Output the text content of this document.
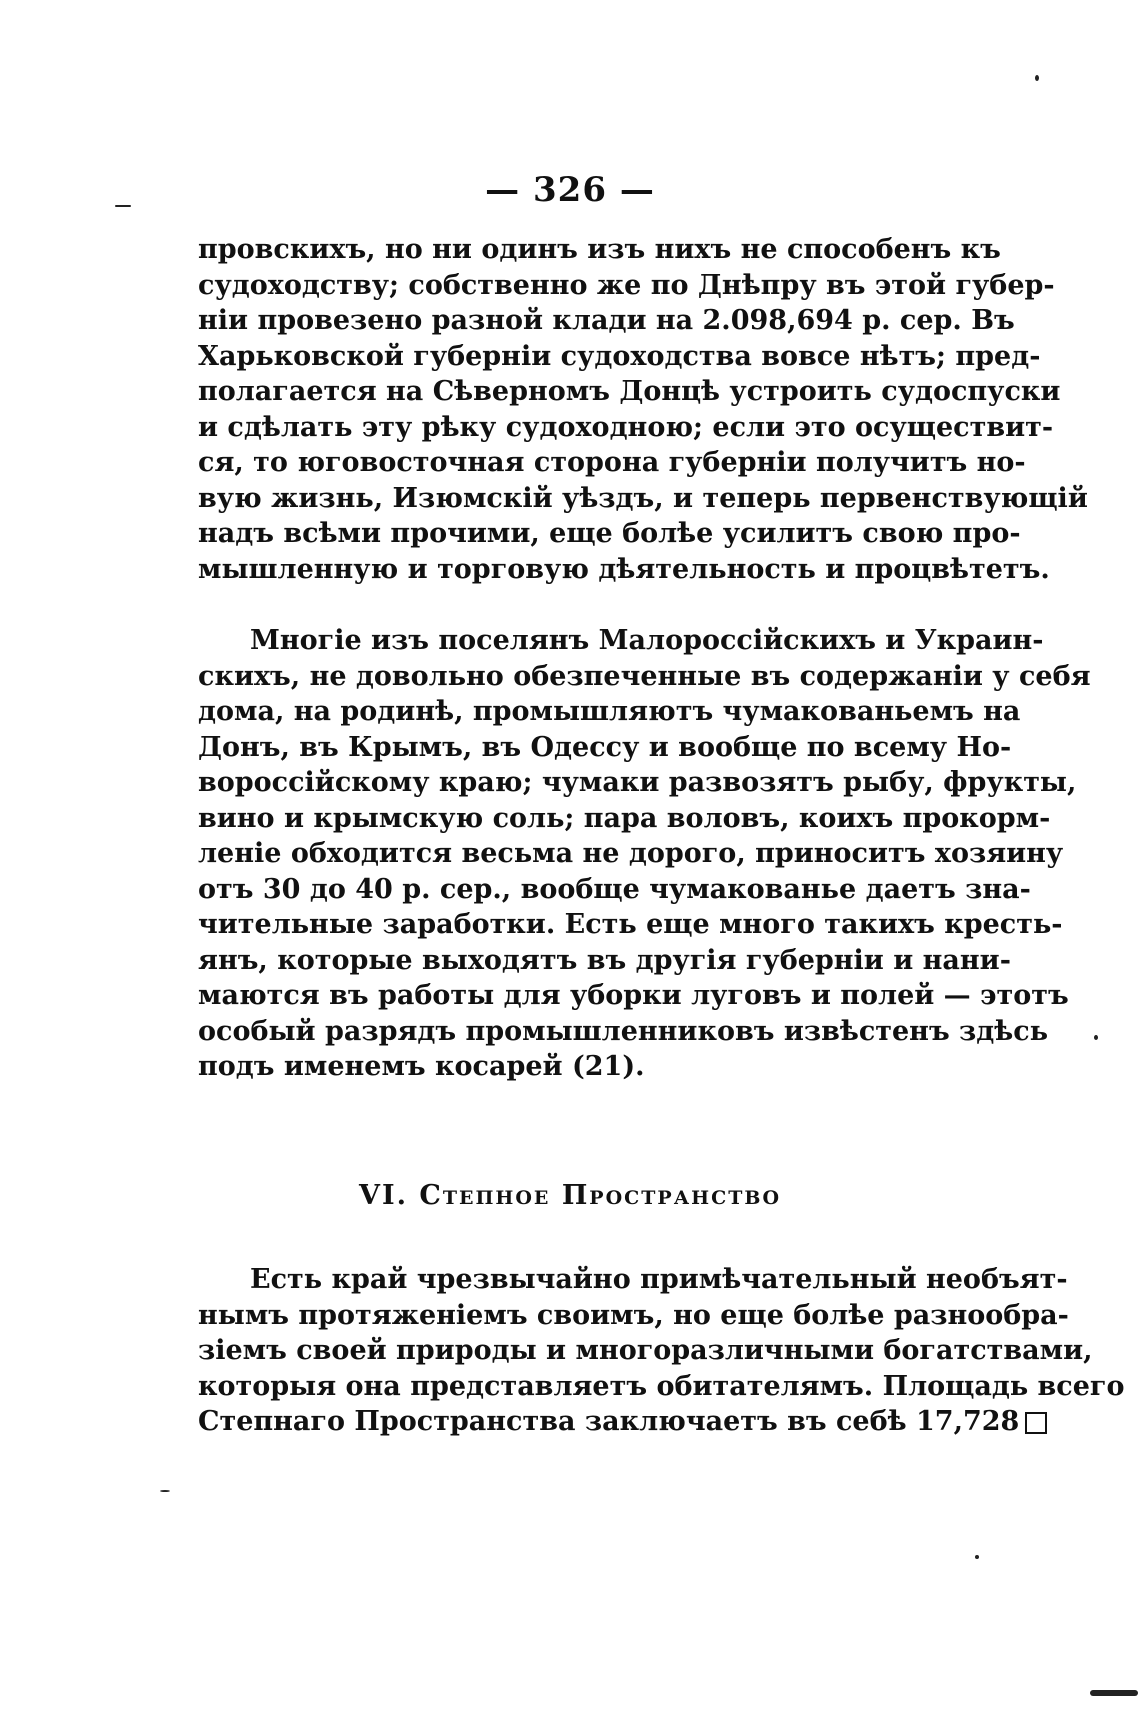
— 326 —
провскихъ, но ни одинъ изъ нихъ не способенъ къ
судоходству; собственно же по Днѣпру въ этой губер-
ніи провезено разной клади на 2.098,694 р. сер. Въ
Харьковской губерніи судоходства вовсе нѣтъ; пред-
полагается на Сѣверномъ Донцѣ устроить судоспуски
и сдѣлать эту рѣку судоходною; если это осуществит-
ся, то юговосточная сторона губерніи получитъ но-
вую жизнь, Изюмскій уѣздъ, и теперь первенствующій
надъ всѣми прочими, еще болѣе усилитъ свою про-
мышленную и торговую дѣятельность и процвѣтетъ.
Многіе изъ поселянъ Малороссійскихъ и Украин-
скихъ, не довольно обезпеченные въ содержаніи у себя
дома, на родинѣ, промышляютъ чумакованьемъ на
Донъ, въ Крымъ, въ Одессу и вообще по всему Но-
вороссійскому краю; чумаки развозятъ рыбу, фрукты,
вино и крымскую соль; пара воловъ, коихъ прокорм-
леніе обходится весьма не дорого, приноситъ хозяину
отъ 30 до 40 р. сер., вообще чумакованье даетъ зна-
чительные заработки. Есть еще много такихъ кресть-
янъ, которые выходятъ въ другія губерніи и нани-
маются въ работы для уборки луговъ и полей — этотъ
особый разрядъ промышленниковъ извѣстенъ здѣсь
подъ именемъ косарей (21).
VI. Степное Пространство
Есть край чрезвычайно примѣчательный необъят-
нымъ протяженіемъ своимъ, но еще болѣе разнообра-
зіемъ своей природы и многоразличными богатствами,
которыя она представляетъ обитателямъ. Площадь всего
Степнаго Пространства заключаетъ въ себѣ 17,728
